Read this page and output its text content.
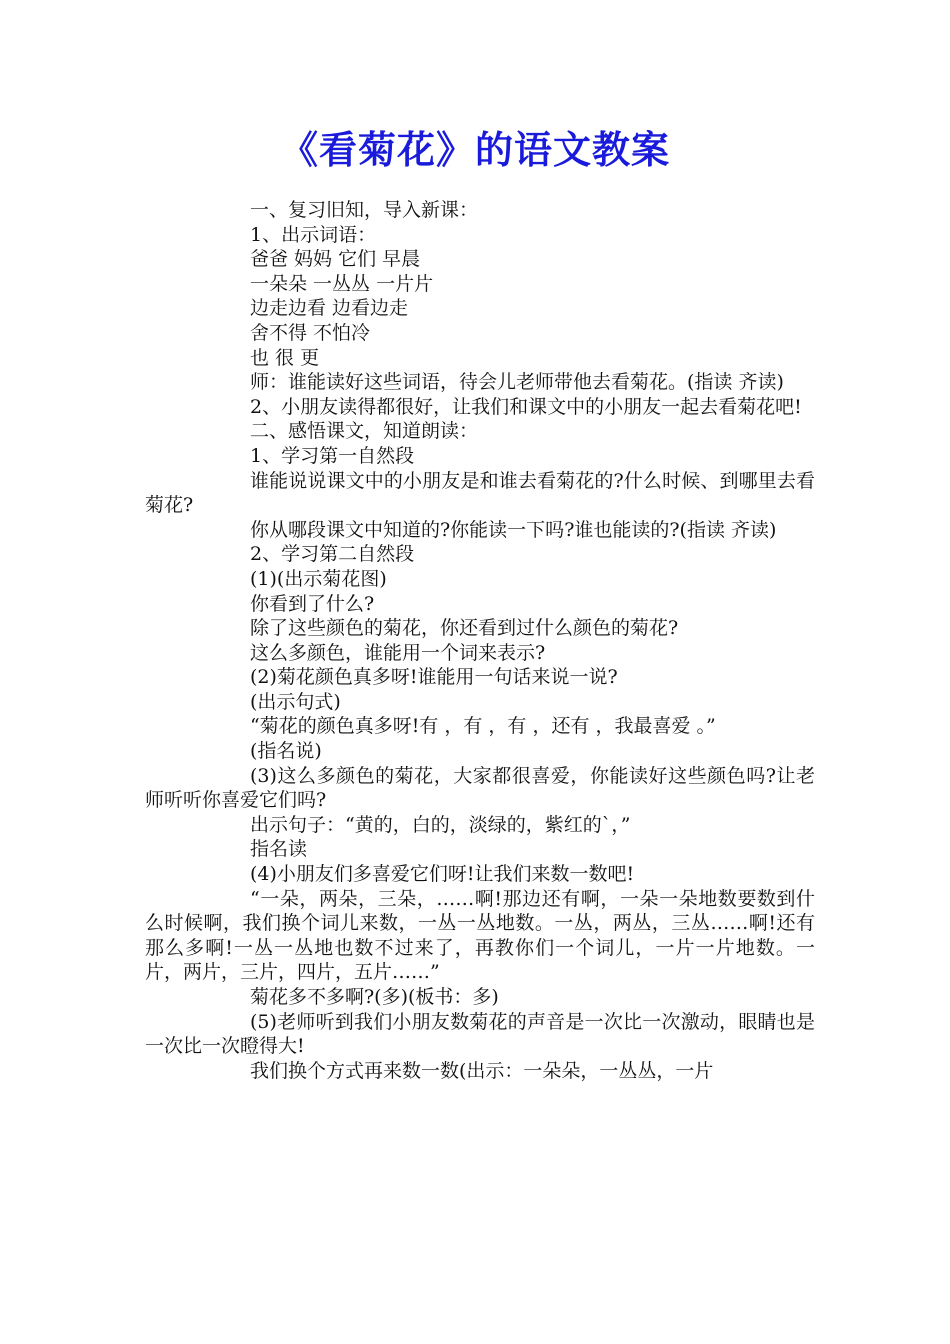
《看菊花》的语文教案

一、复习旧知，导入新课：

1、出示词语：

爸爸 妈妈 它们 早晨

一朵朵 一丛丛 一片片

边走边看 边看边走

舍不得 不怕冷

也 很 更

师：谁能读好这些词语，待会儿老师带他去看菊花。(指读 齐读)

2、小朋友读得都很好，让我们和课文中的小朋友一起去看菊花吧!

二、感悟课文，知道朗读：

1、学习第一自然段

谁能说说课文中的小朋友是和谁去看菊花的?什么时候、到哪里去看菊花?

你从哪段课文中知道的?你能读一下吗?谁也能读的?(指读 齐读)

2、学习第二自然段

(1)(出示菊花图)

你看到了什么?

除了这些颜色的菊花，你还看到过什么颜色的菊花?

这么多颜色，谁能用一个词来表示?

(2)菊花颜色真多呀!谁能用一句话来说一说?

(出示句式)

“菊花的颜色真多呀!有 ，有 ，有 ，还有 ，我最喜爱 。”

(指名说)

(3)这么多颜色的菊花，大家都很喜爱，你能读好这些颜色吗?让老师听听你喜爱它们吗?

出示句子：“黄的，白的，淡绿的，紫红的`，”

指名读

(4)小朋友们多喜爱它们呀!让我们来数一数吧!

“一朵，两朵，三朵，……啊!那边还有啊，一朵一朵地数要数到什么时候啊，我们换个词儿来数，一丛一丛地数。一丛，两丛，三丛……啊!还有那么多啊!一丛一丛地也数不过来了，再教你们一个词儿，一片一片地数。一片，两片，三片，四片，五片……”

菊花多不多啊?(多)(板书：多)

(5)老师听到我们小朋友数菊花的声音是一次比一次激动，眼睛也是一次比一次瞪得大!

我们换个方式再来数一数(出示：一朵朵，一丛丛，一片
